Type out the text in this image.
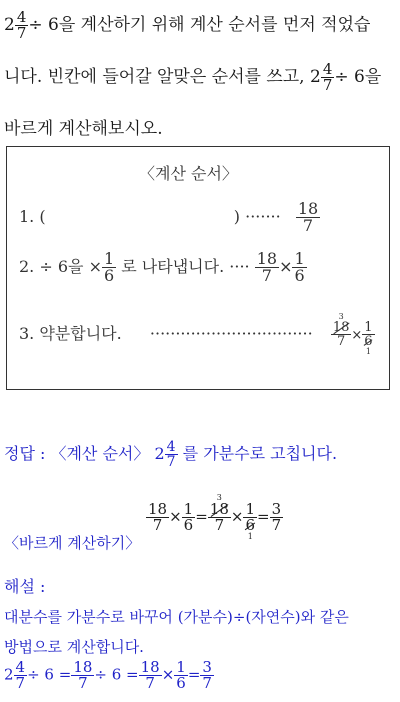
$2 \frac{4}{7} \div 6$을 계산하기 위해 계산 순서를 먼저 적었습
니다. 빈칸에 들어갈 알맞은 순서를 쓰고, $2 \frac{4}{7} \div 6$을
바르게 계산해보시오.
〈계산 순서〉
1. (	) ······· $\frac{18}{7}$
2. ÷ 6을 × $\frac{1}{6}$ 로 나타냅니다. ···· $\frac{18}{7} \times \frac{1}{6}$
3. 약분합니다. ································
3
18
7
×

1
6
1
정답 : 〈계산 순서〉 $2 \frac{4}{7}$ 를 가분수로 고칩니다.
〈바르게 계산하기〉

$\frac{18}{7}$
×
$\frac{1}{6}$
=
3
18
7
×
1
6
1
=
$\frac{3}{7}$

해설 :
대분수를 가분수로 바꾸어 (가분수)÷(자연수)와 같은
방법으로 계산합니다.
$2 \frac{4}{7} \div 6 = \frac{18}{7} \div 6 = \frac{18}{7} \times \frac{1}{6} = \frac{3}{7}$
